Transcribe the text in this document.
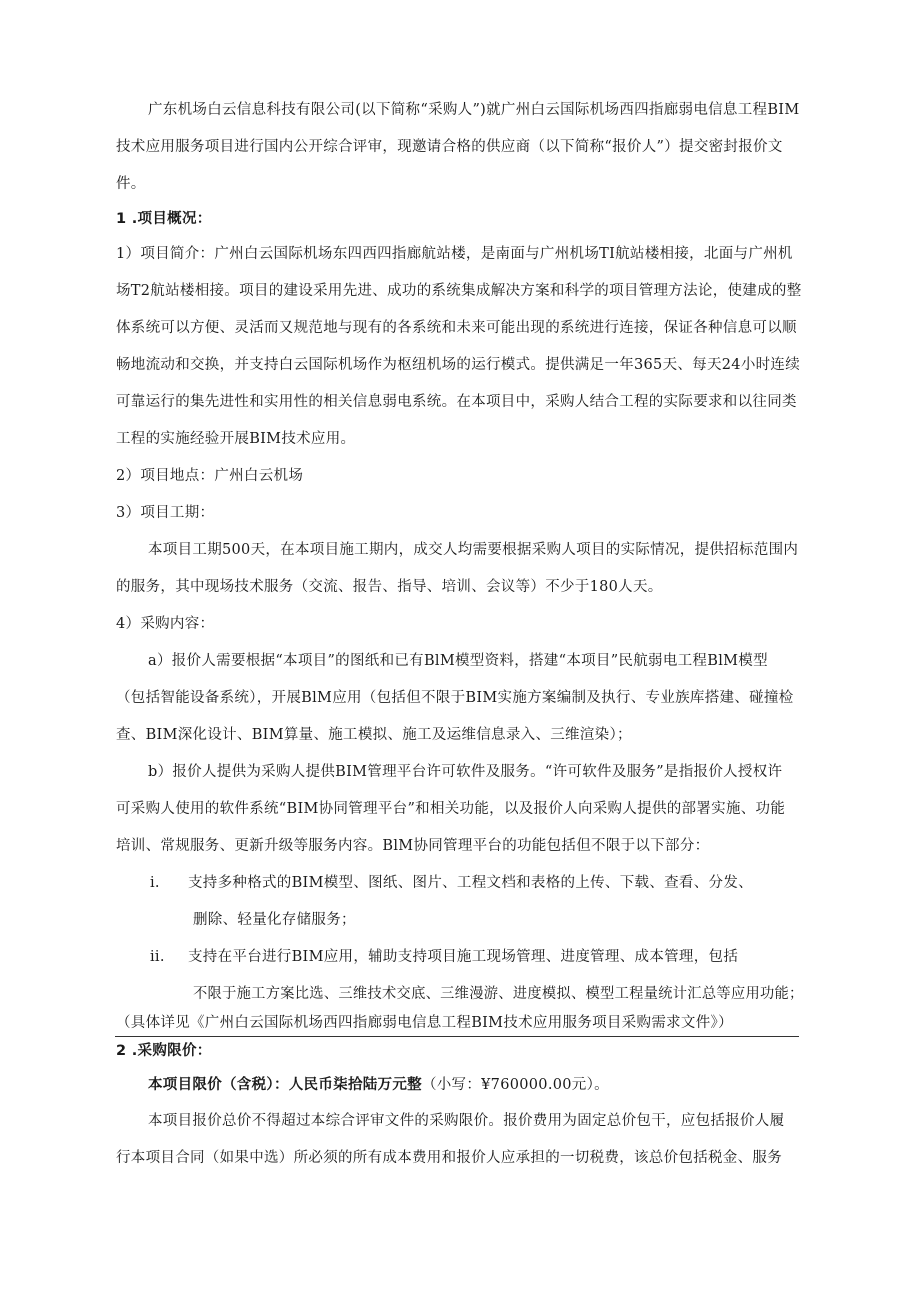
广东机场白云信息科技有限公司(以下简称“采购人”)就广州白云国际机场西四指廊弱电信息工程BIM
技术应用服务项目进行国内公开综合评审，现邀请合格的供应商（以下简称“报价人”）提交密封报价文
件。
1 .项目概况：
1）项目简介：广州白云国际机场东四西四指廊航站楼，是南面与广州机场TI航站楼相接，北面与广州机
场T2航站楼相接。项目的建设采用先进、成功的系统集成解决方案和科学的项目管理方法论，使建成的整
体系统可以方便、灵活而又规范地与现有的各系统和未来可能出现的系统进行连接，保证各种信息可以顺
畅地流动和交换，并支持白云国际机场作为枢纽机场的运行模式。提供满足一年365天、每天24小时连续
可靠运行的集先进性和实用性的相关信息弱电系统。在本项目中，采购人结合工程的实际要求和以往同类
工程的实施经验开展BIM技术应用。
2）项目地点：广州白云机场
3）项目工期：
本项目工期500天，在本项目施工期内，成交人均需要根据采购人项目的实际情况，提供招标范围内
的服务，其中现场技术服务（交流、报告、指导、培训、会议等）不少于180人天。
4）采购内容：
a）报价人需要根据“本项目”的图纸和已有BlM模型资料，搭建“本项目”民航弱电工程BlM模型
（包括智能设备系统），开展BlM应用（包括但不限于BIM实施方案编制及执行、专业族库搭建、碰撞检
查、BIM深化设计、BIM算量、施工模拟、施工及运维信息录入、三维渲染）；
b）报价人提供为采购人提供BIM管理平台许可软件及服务。“许可软件及服务”是指报价人授权许
可采购人使用的软件系统“BIM协同管理平台”和相关功能，以及报价人向采购人提供的部署实施、功能
培训、常规服务、更新升级等服务内容。BlM协同管理平台的功能包括但不限于以下部分：
i. 支持多种格式的BIM模型、图纸、图片、工程文档和表格的上传、下载、查看、分发、
删除、轻量化存储服务；
ii. 支持在平台进行BIM应用，辅助支持项目施工现场管理、进度管理、成本管理，包括
不限于施工方案比选、三维技术交底、三维漫游、进度模拟、模型工程量统计汇总等应用功能；
（具体详见《广州白云国际机场西四指廊弱电信息工程BIM技术应用服务项目采购需求文件》）
2 .采购限价：
本项目限价（含税）：人民币柒拾陆万元整（小写：¥760000.00元）。
本项目报价总价不得超过本综合评审文件的采购限价。报价费用为固定总价包干，应包括报价人履
行本项目合同（如果中选）所必须的所有成本费用和报价人应承担的一切税费，该总价包括税金、服务
